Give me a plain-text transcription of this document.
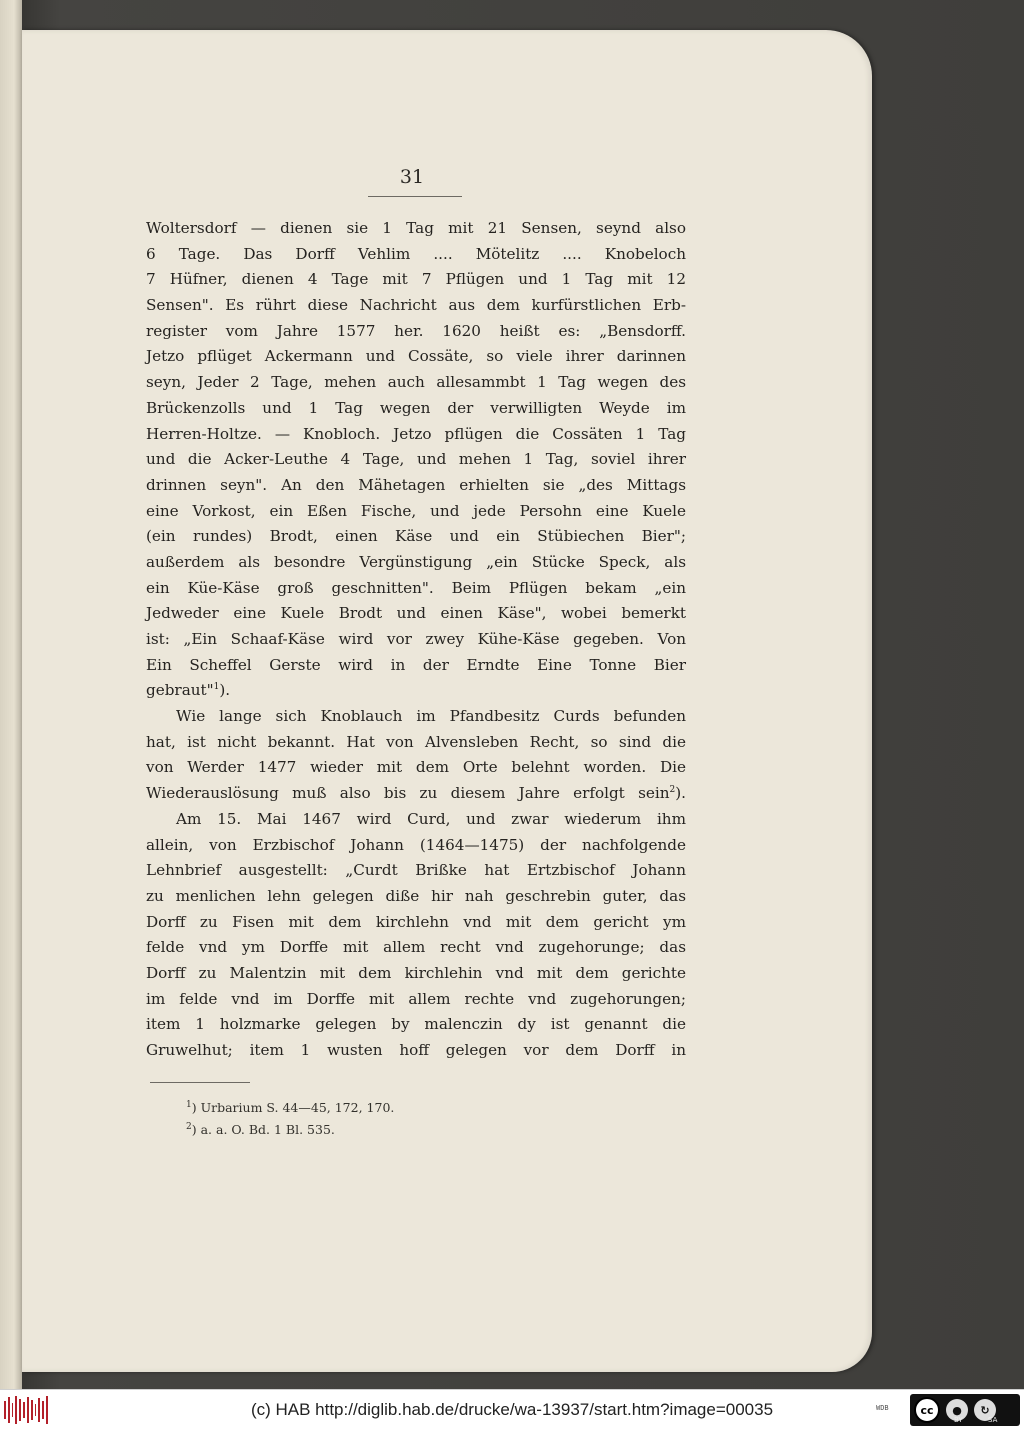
31
Woltersdorf — dienen sie 1 Tag mit 21 Sensen, seynd also
6 Tage. Das Dorff Vehlim .... Mötelitz .... Knobeloch
7 Hüfner, dienen 4 Tage mit 7 Pflügen und 1 Tag mit 12
Sensen". Es rührt diese Nachricht aus dem kurfürstlichen Erb-
register vom Jahre 1577 her. 1620 heißt es: „Bensdorff.
Jetzo pflüget Ackermann und Cossäte, so viele ihrer darinnen
seyn, Jeder 2 Tage, mehen auch allesammbt 1 Tag wegen des
Brückenzolls und 1 Tag wegen der verwilligten Weyde im
Herren-Holtze. — Knobloch. Jetzo pflügen die Cossäten 1 Tag
und die Acker-Leuthe 4 Tage, und mehen 1 Tag, soviel ihrer
drinnen seyn". An den Mähetagen erhielten sie „des Mittags
eine Vorkost, ein Eßen Fische, und jede Persohn eine Kuele
(ein rundes) Brodt, einen Käse und ein Stübiechen Bier";
außerdem als besondre Vergünstigung „ein Stücke Speck, als
ein Küe-Käse groß geschnitten". Beim Pflügen bekam „ein
Jedweder eine Kuele Brodt und einen Käse", wobei bemerkt
ist: „Ein Schaaf-Käse wird vor zwey Kühe-Käse gegeben. Von
Ein Scheffel Gerste wird in der Erndte Eine Tonne Bier
gebraut"$^1$).
Wie lange sich Knoblauch im Pfandbesitz Curds befunden
hat, ist nicht bekannt. Hat von Alvensleben Recht, so sind die
von Werder 1477 wieder mit dem Orte belehnt worden. Die
Wiederauslösung muß also bis zu diesem Jahre erfolgt sein$^2$).
Am 15. Mai 1467 wird Curd, und zwar wiederum ihm
allein, von Erzbischof Johann (1464—1475) der nachfolgende
Lehnbrief ausgestellt: „Curdt Brißke hat Ertzbischof Johann
zu menlichen lehn gelegen diße hir nah geschrebin guter, das
Dorff zu Fisen mit dem kirchlehn vnd mit dem gericht ym
felde vnd ym Dorffe mit allem recht vnd zugehorunge; das
Dorff zu Malentzin mit dem kirchlehin vnd mit dem gerichte
im felde vnd im Dorffe mit allem rechte vnd zugehorungen;
item 1 holzmarke gelegen by malenczin dy ist genannt die
Gruwelhut; item 1 wusten hoff gelegen vor dem Dorff in
$^1$) Urbarium S. 44—45, 172, 170.
$^2$) a. a. O. Bd. 1 Bl. 535.
(c) HAB http://diglib.hab.de/drucke/wa-13937/start.htm?image=00035	WDB	cc	●	↻
BY	SA
